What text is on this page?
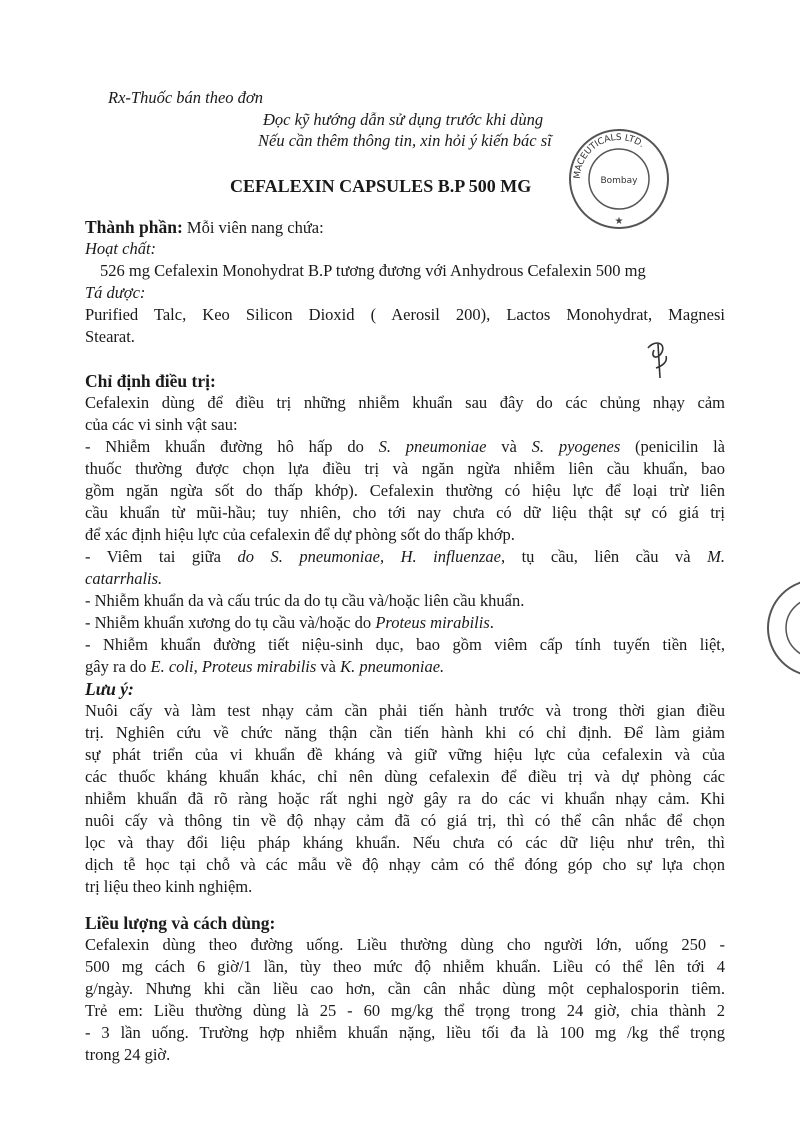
Rx-Thuốc bán theo đơn
Đọc kỹ hướng dẫn sử dụng trước khi dùng
Nếu cần thêm thông tin, xin hỏi ý kiến bác sĩ
MACEUTICALS LTD.
Bombay
★
CEFALEXIN CAPSULES B.P 500 MG
Thành phần: Mỗi viên nang chứa:
Hoạt chất:
526 mg Cefalexin Monohydrat B.P tương đương với Anhydrous Cefalexin 500 mg
Tá dược:
Purified Talc, Keo Silicon Dioxid ( Aerosil 200), Lactos Monohydrat, Magnesi
Stearat.
Chỉ định điều trị:
Cefalexin dùng để điều trị những nhiễm khuẩn sau đây do các chủng nhạy cảm
của các vi sinh vật sau:
- Nhiễm khuẩn đường hô hấp do S. pneumoniae và S. pyogenes (penicilin là
thuốc thường được chọn lựa điều trị và ngăn ngừa nhiễm liên cầu khuẩn, bao
gồm ngăn ngừa sốt do thấp khớp). Cefalexin thường có hiệu lực để loại trừ liên
cầu khuẩn từ mũi-hầu; tuy nhiên, cho tới nay chưa có dữ liệu thật sự có giá trị
để xác định hiệu lực của cefalexin để dự phòng sốt do thấp khớp.
- Viêm tai giữa do S. pneumoniae, H. influenzae, tụ cầu, liên cầu và M.
catarrhalis.
- Nhiễm khuẩn da và cấu trúc da do tụ cầu và/hoặc liên cầu khuẩn.
- Nhiễm khuẩn xương do tụ cầu và/hoặc do Proteus mirabilis.
- Nhiễm khuẩn đường tiết niệu-sinh dục, bao gồm viêm cấp tính tuyến tiền liệt,
gây ra do E. coli, Proteus mirabilis và K. pneumoniae.
Lưu ý:
Nuôi cấy và làm test nhạy cảm cần phải tiến hành trước và trong thời gian điều
trị. Nghiên cứu về chức năng thận cần tiến hành khi có chỉ định. Để làm giảm
sự phát triển của vi khuẩn đề kháng và giữ vững hiệu lực của cefalexin và của
các thuốc kháng khuẩn khác, chỉ nên dùng cefalexin để điều trị và dự phòng các
nhiễm khuẩn đã rõ ràng hoặc rất nghi ngờ gây ra do các vi khuẩn nhạy cảm. Khi
nuôi cấy và thông tin về độ nhạy cảm đã có giá trị, thì có thể cân nhắc để chọn
lọc và thay đổi liệu pháp kháng khuẩn. Nếu chưa có các dữ liệu như trên, thì
dịch tễ học tại chỗ và các mẫu về độ nhạy cảm có thể đóng góp cho sự lựa chọn
trị liệu theo kinh nghiệm.
Liều lượng và cách dùng:
Cefalexin dùng theo đường uống. Liều thường dùng cho người lớn, uống 250 -
500 mg cách 6 giờ/1 lần, tùy theo mức độ nhiễm khuẩn. Liều có thể lên tới 4
g/ngày. Nhưng khi cần liều cao hơn, cần cân nhắc dùng một cephalosporin tiêm.
Trẻ em: Liều thường dùng là 25 - 60 mg/kg thể trọng trong 24 giờ, chia thành 2
- 3 lần uống. Trường hợp nhiễm khuẩn nặng, liều tối đa là 100 mg /kg thể trọng
trong 24 giờ.
